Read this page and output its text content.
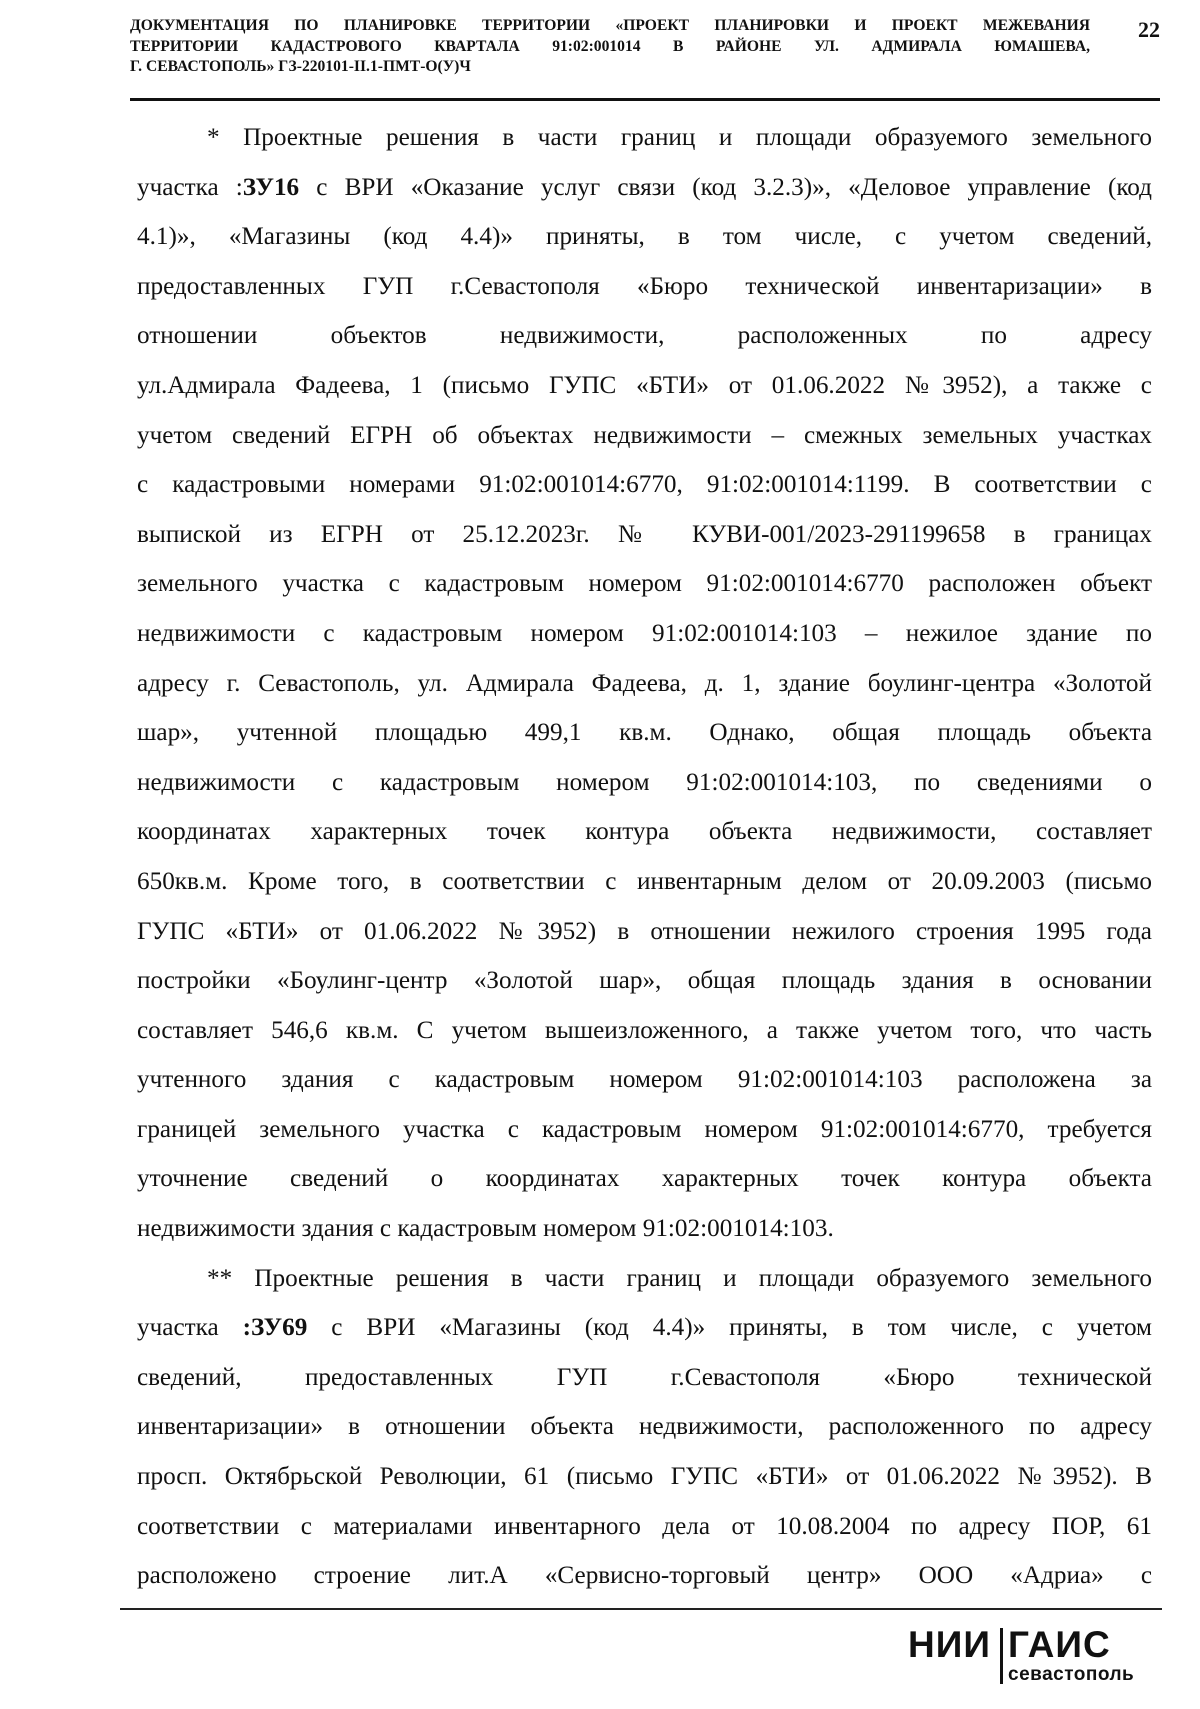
ДОКУМЕНТАЦИЯ ПО ПЛАНИРОВКЕ ТЕРРИТОРИИ «ПРОЕКТ ПЛАНИРОВКИ И ПРОЕКТ МЕЖЕВАНИЯ
ТЕРРИТОРИИ КАДАСТРОВОГО КВАРТАЛА 91:02:001014 В РАЙОНЕ УЛ. АДМИРАЛА ЮМАШЕВА,
Г. СЕВАСТОПОЛЬ» ГЗ-220101-II.1-ПМТ-О(У)Ч
22

* Проектные решения в части границ и площади образуемого земельного
участка :ЗУ16 с ВРИ «Оказание услуг связи (код 3.2.3)», «Деловое управление (код
4.1)», «Магазины (код 4.4)» приняты, в том числе, с учетом сведений,
предоставленных ГУП г.Севастополя «Бюро технической инвентаризации» в
отношении объектов недвижимости, расположенных по адресу
ул.Адмирала Фадеева, 1 (письмо ГУПС «БТИ» от 01.06.2022 №3952), а также с
учетом сведений ЕГРН об объектах недвижимости – смежных земельных участках
с кадастровыми номерами 91:02:001014:6770, 91:02:001014:1199. В соответствии с
выпиской из ЕГРН от 25.12.2023г. № КУВИ-001/2023-291199658 в границах
земельного участка с кадастровым номером 91:02:001014:6770 расположен объект
недвижимости с кадастровым номером 91:02:001014:103 – нежилое здание по
адресу г. Севастополь, ул. Адмирала Фадеева, д. 1, здание боулинг-центра «Золотой
шар», учтенной площадью 499,1 кв.м. Однако, общая площадь объекта
недвижимости с кадастровым номером 91:02:001014:103, по сведениями о
координатах характерных точек контура объекта недвижимости, составляет
650кв.м. Кроме того, в соответствии с инвентарным делом от 20.09.2003 (письмо
ГУПС «БТИ» от 01.06.2022 №3952) в отношении нежилого строения 1995 года
постройки «Боулинг-центр «Золотой шар», общая площадь здания в основании
составляет 546,6 кв.м. С учетом вышеизложенного, а также учетом того, что часть
учтенного здания с кадастровым номером 91:02:001014:103 расположена за
границей земельного участка с кадастровым номером 91:02:001014:6770, требуется
уточнение сведений о координатах характерных точек контура объекта
недвижимости здания с кадастровым номером 91:02:001014:103.

** Проектные решения в части границ и площади образуемого земельного
участка :ЗУ69 с ВРИ «Магазины (код 4.4)» приняты, в том числе, с учетом
сведений, предоставленных ГУП г.Севастополя «Бюро технической
инвентаризации» в отношении объекта недвижимости, расположенного по адресу
просп. Октябрьской Революции, 61 (письмо ГУПС «БТИ» от 01.06.2022 №3952). В
соответствии с материалами инвентарного дела от 10.08.2004 по адресу ПОР, 61
расположено строение лит.А «Сервисно-торговый центр» ООО «Адриа» с

НИИ ГАИС
севастополь
